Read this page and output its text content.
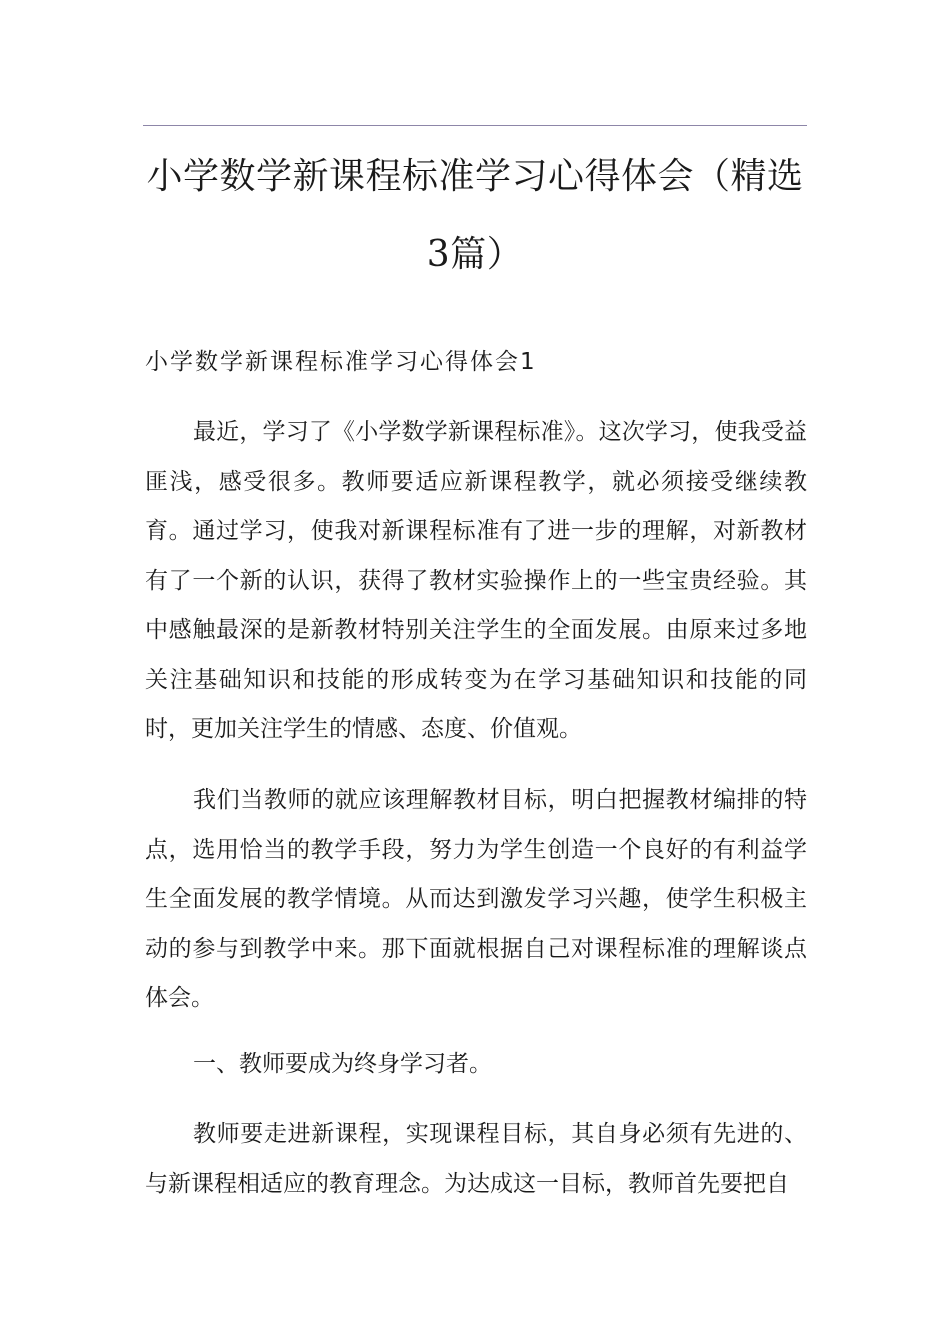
小学数学新课程标准学习心得体会（精选3篇）
小学数学新课程标准学习心得体会1

最近，学习了《小学数学新课程标准》。这次学习，使我受益匪浅，感受很多。教师要适应新课程教学，就必须接受继续教育。通过学习，使我对新课程标准有了进一步的理解，对新教材有了一个新的认识，获得了教材实验操作上的一些宝贵经验。其中感触最深的是新教材特别关注学生的全面发展。由原来过多地关注基础知识和技能的形成转变为在学习基础知识和技能的同时，更加关注学生的情感、态度、价值观。

我们当教师的就应该理解教材目标，明白把握教材编排的特点，选用恰当的教学手段，努力为学生创造一个良好的有利益学生全面发展的教学情境。从而达到激发学习兴趣，使学生积极主动的参与到教学中来。那下面就根据自己对课程标准的理解谈点体会。

一、教师要成为终身学习者。

教师要走进新课程，实现课程目标，其自身必须有先进的、与新课程相适应的教育理念。为达成这一目标，教师首先要把自
